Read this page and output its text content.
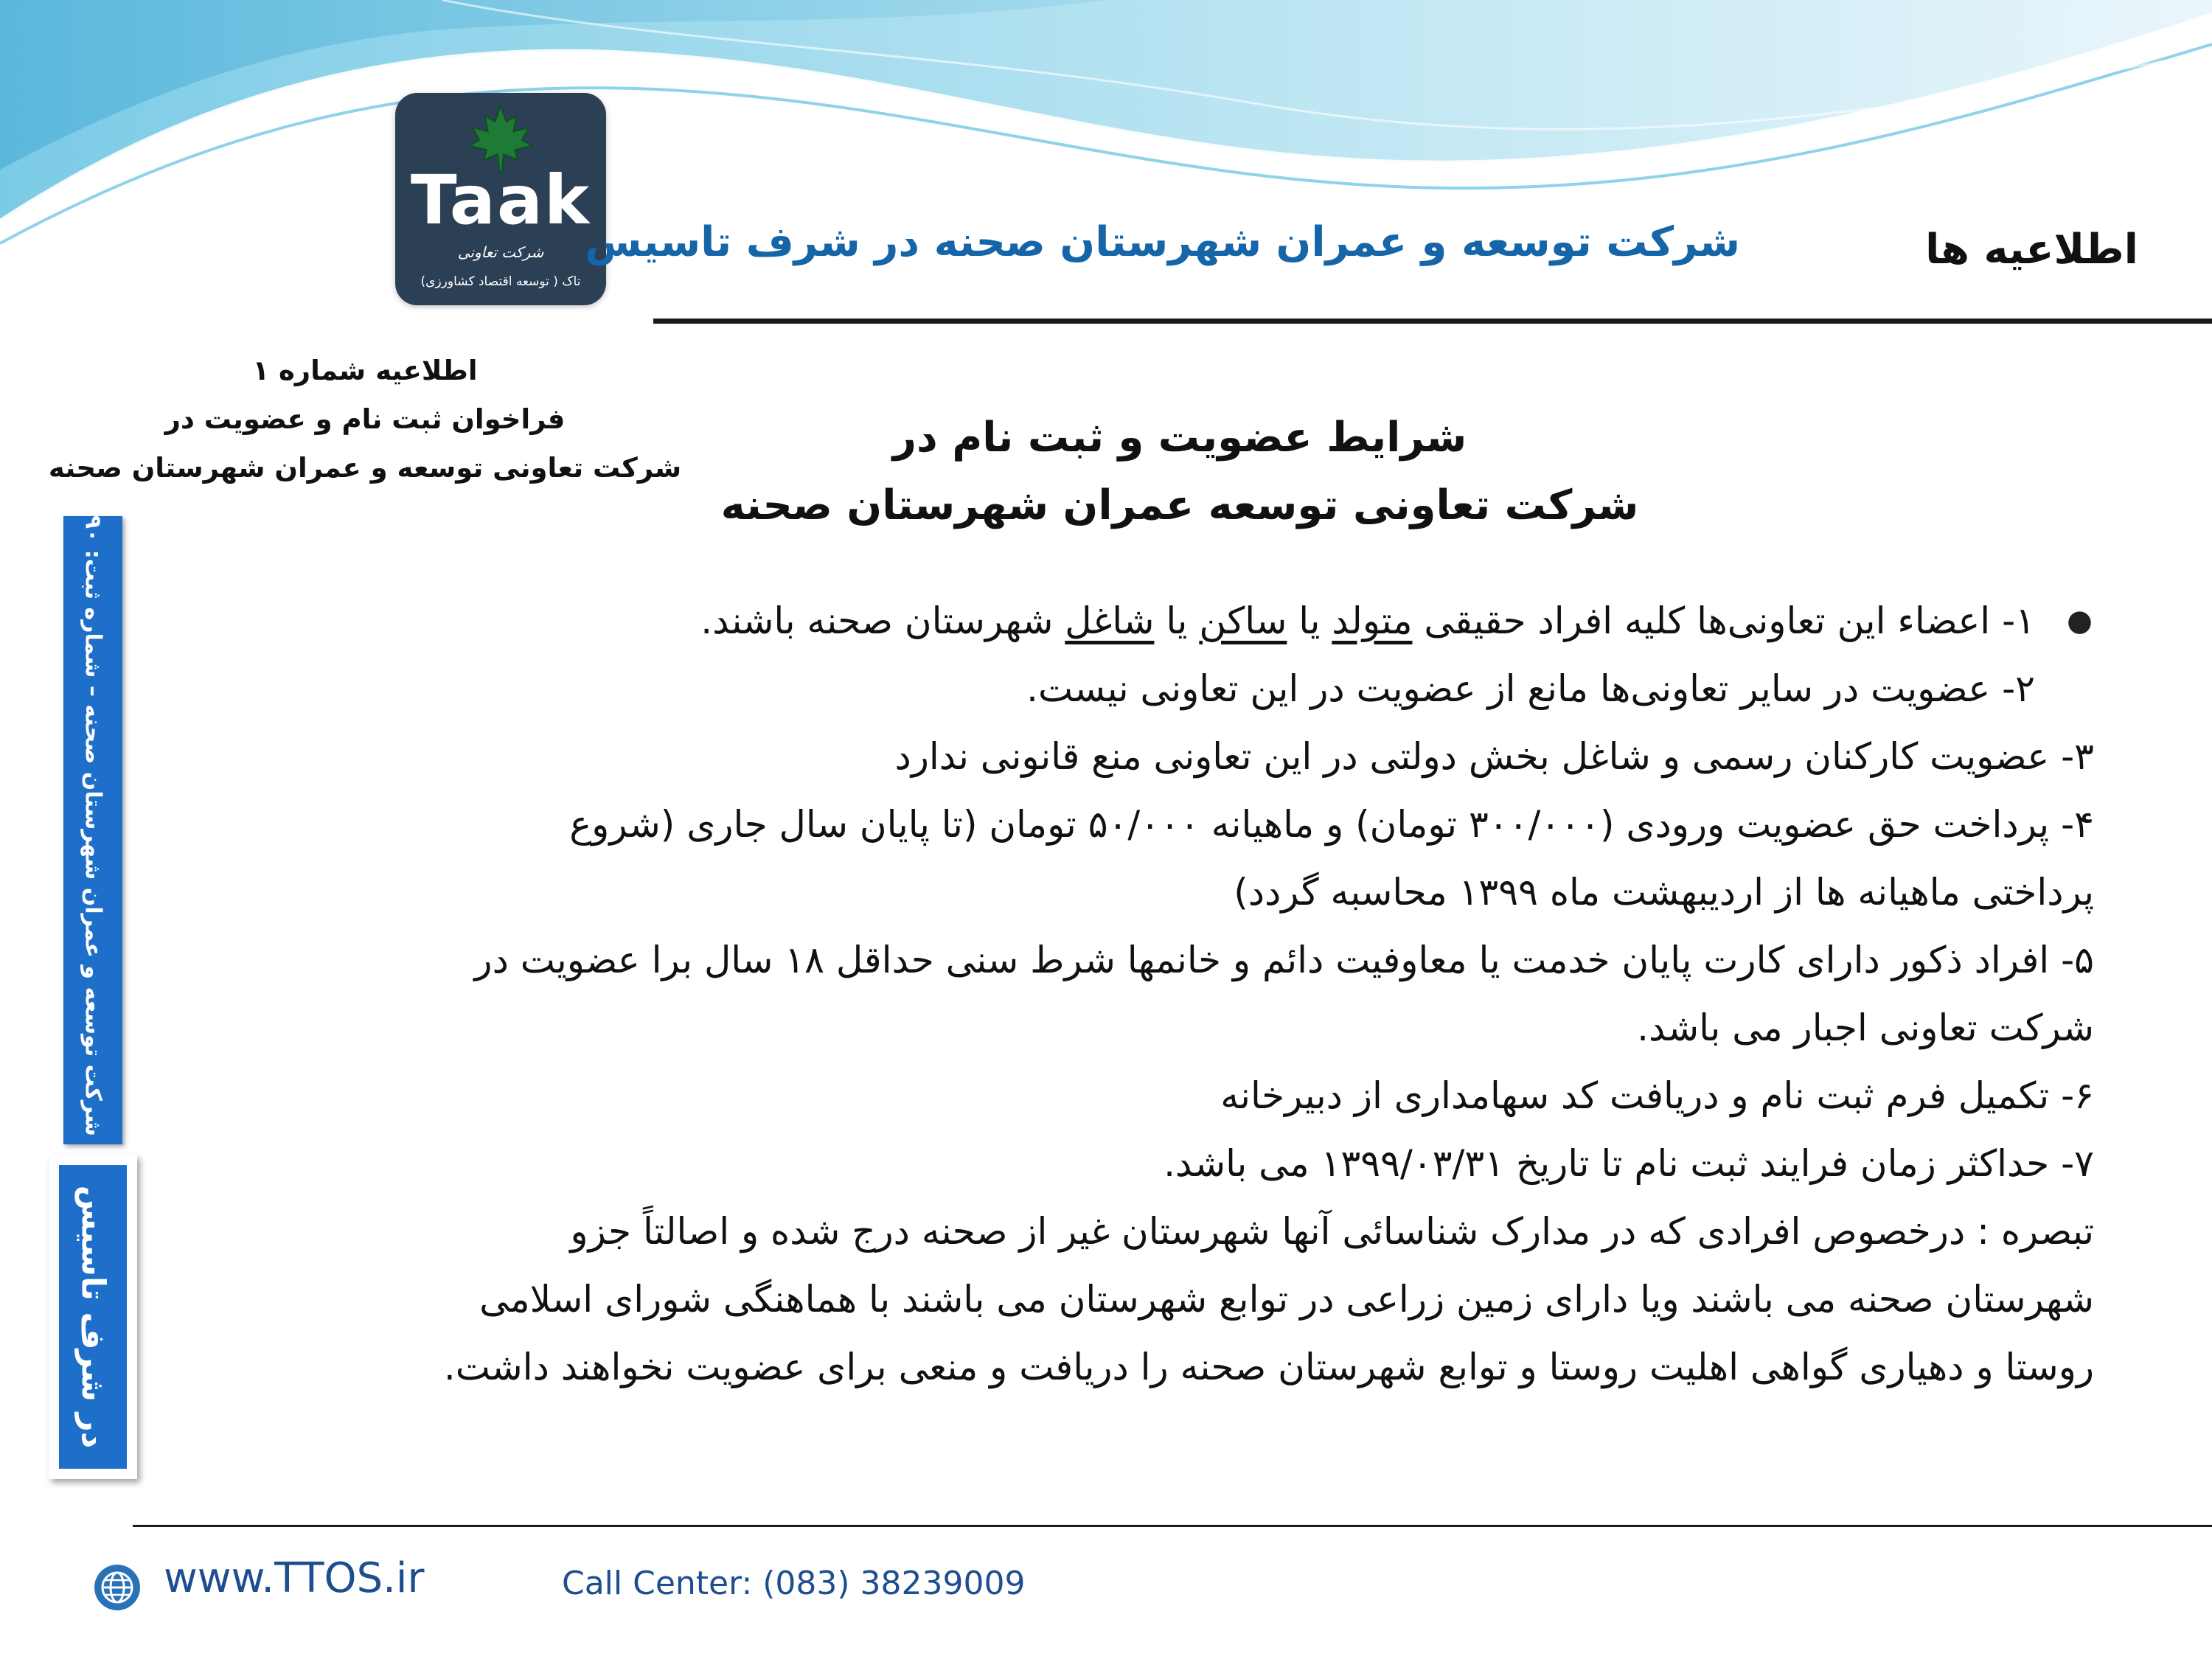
Taak
شرکت تعاونی
تاک ( توسعه اقتصاد کشاورزی)
شرکت توسعه و عمران شهرستان صحنه در شرف تاسیس	اطلاعیه ها
اطلاعیه شماره ۱
فراخوان ثبت نام و عضویت در
شرکت تعاونی توسعه و عمران شهرستان صحنه
شرایط عضویت و ثبت نام در
شرکت تعاونی توسعه عمران شهرستان صحنه
شرکت توسعه و عمران شهرستان صحنه – شماره ثبت: ۸۰۹۰
در شرف تاسیس
●
۱- اعضاء این تعاونی‌ها کلیه افراد حقیقی متولد یا ساکن یا شاغل شهرستان صحنه باشند.
۲- عضویت در سایر تعاونی‌ها مانع از عضویت در این تعاونی نیست.
۳- عضویت کارکنان رسمی و شاغل بخش دولتی در این تعاونی منع قانونی ندارد
۴- پرداخت حق عضویت ورودی (۳۰۰/۰۰۰ تومان) و ماهیانه ۵۰/۰۰۰ تومان (تا پایان سال جاری (شروع
پرداختی ماهیانه ها از اردیبهشت ماه ۱۳۹۹ محاسبه گردد)
۵- افراد ذکور دارای کارت پایان خدمت یا معاوفیت دائم و خانمها شرط سنی حداقل ۱۸ سال برا عضویت در
شرکت تعاونی اجبار می باشد.
۶- تکمیل فرم ثبت نام و دریافت کد سهامداری از دبیرخانه
۷- حداکثر زمان فرایند ثبت نام تا تاریخ ۱۳۹۹/۰۳/۳۱ می باشد.
تبصره : درخصوص افرادی که در مدارک شناسائی آنها شهرستان غیر از صحنه درج شده و اصالتاً جزو
شهرستان صحنه می باشند ویا دارای زمین زراعی در توابع شهرستان می باشند با هماهنگی شورای اسلامی
روستا و دهیاری گواهی اهلیت روستا و توابع شهرستان صحنه را دریافت و منعی برای عضویت نخواهند داشت.
www.TTOS.ir	Call Center: (083) 38239009
